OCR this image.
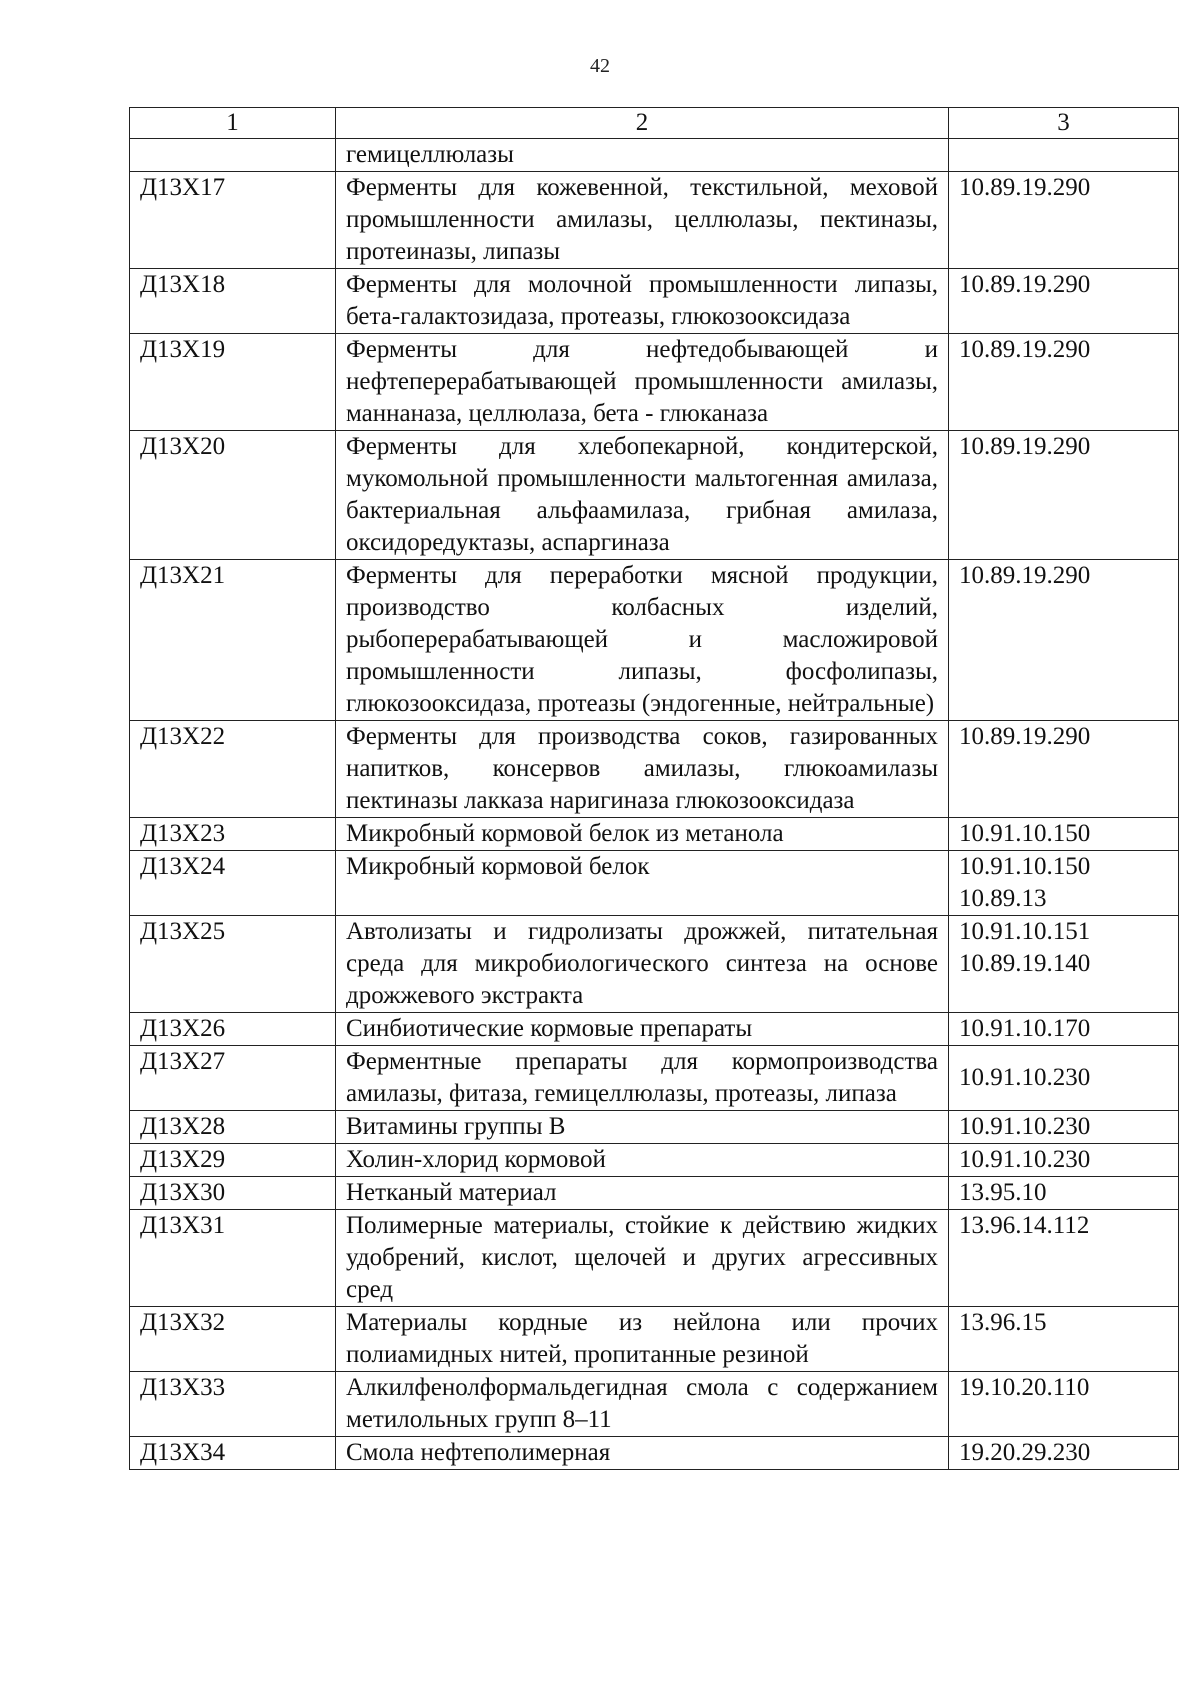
42
1	2	3
	гемицеллюлазы	

Д13Х17	Ферменты для кожевенной, текстильной, меховой промышленности амилазы, целлюлазы, пектиназы, протеиназы, липазы	10.89.19.290

Д13Х18	Ферменты для молочной промышленности липазы, бета-галактозидаза, протеазы, глюкозооксидаза	10.89.19.290

Д13Х19	Ферменты для нефтедобывающей и нефтеперерабатывающей промышленности амилазы, маннаназа, целлюлаза, бета - глюканаза	10.89.19.290

Д13Х20	Ферменты для хлебопекарной, кондитерской, мукомольной промышленности мальтогенная амилаза, бактериальная альфаамилаза, грибная амилаза, оксидоредуктазы, аспаргиназа	10.89.19.290

Д13Х21	Ферменты для переработки мясной продукции, производство колбасных изделий, рыбоперерабатывающей и масложировой промышленности липазы, фосфолипазы, глюкозооксидаза, протеазы (эндогенные, нейтральные)	10.89.19.290

Д13Х22	Ферменты для производства соков, газированных напитков, консервов амилазы, глюкоамилазы пектиназы лакказа наригиназа глюкозооксидаза	10.89.19.290

Д13Х23	Микробный кормовой белок из метанола	10.91.10.150

Д13Х24	Микробный кормовой белок	10.91.10.150
10.89.13

Д13Х25	Автолизаты и гидролизаты дрожжей, питательная среда для микробиологического синтеза на основе дрожжевого экстракта	10.91.10.151
10.89.19.140

Д13Х26	Синбиотические кормовые препараты	10.91.10.170

Д13Х27	Ферментные препараты для кормопроизводства амилазы, фитаза, гемицеллюлазы, протеазы, липаза	10.91.10.230

Д13Х28	Витамины группы В	10.91.10.230

Д13Х29	Холин-хлорид кормовой	10.91.10.230

Д13Х30	Нетканый материал	13.95.10

Д13Х31	Полимерные материалы, стойкие к действию жидких удобрений, кислот, щелочей и других агрессивных сред	13.96.14.112

Д13Х32	Материалы кордные из нейлона или прочих полиамидных нитей, пропитанные резиной	13.96.15

Д13Х33	Алкилфенолформальдегидная смола с содержанием метилольных групп 8–11	19.10.20.110

Д13Х34	Смола нефтеполимерная	19.20.29.230
